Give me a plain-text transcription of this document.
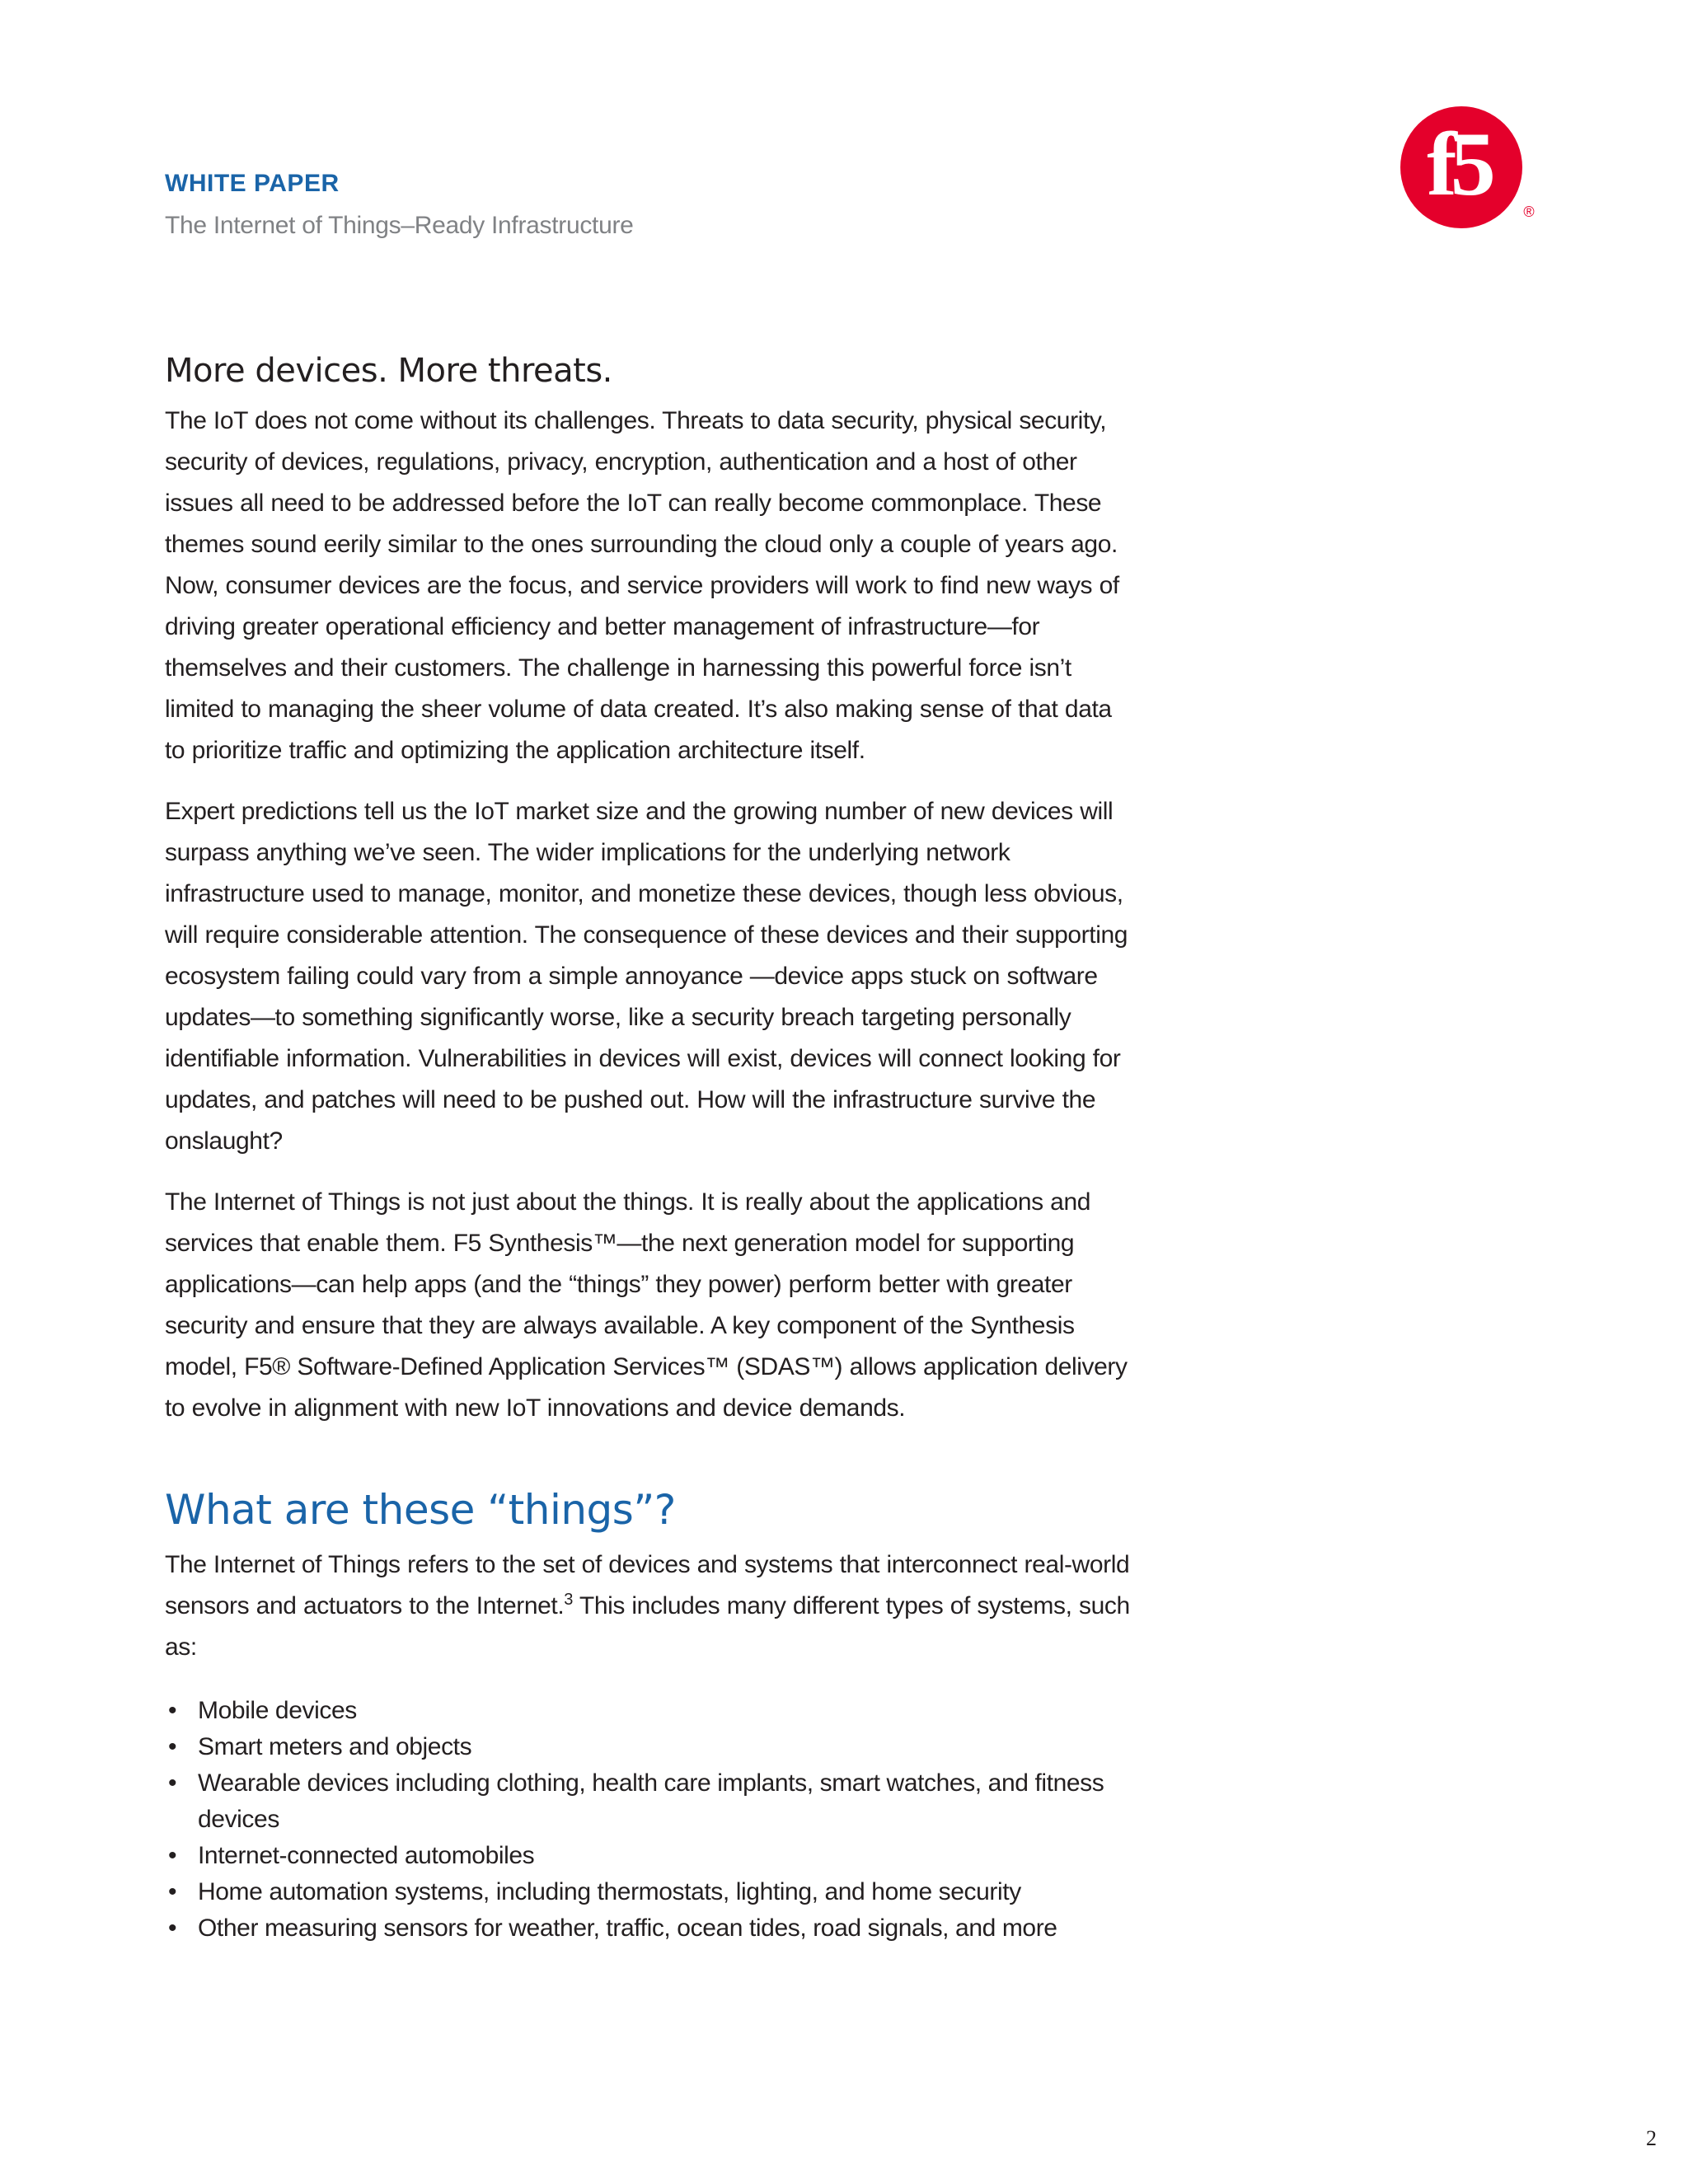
WHITE PAPER
The Internet of Things–Ready Infrastructure
f5 ®
More devices. More threats.

The IoT does not come without its challenges. Threats to data security, physical security, security of devices, regulations, privacy, encryption, authentication and a host of other issues all need to be addressed before the IoT can really become commonplace. These themes sound eerily similar to the ones surrounding the cloud only a couple of years ago. Now, consumer devices are the focus, and service providers will work to find new ways of driving greater operational efficiency and better management of infrastructure—for themselves and their customers. The challenge in harnessing this powerful force isn’t limited to managing the sheer volume of data created. It’s also making sense of that data to prioritize traffic and optimizing the application architecture itself.

Expert predictions tell us the IoT market size and the growing number of new devices will surpass anything we’ve seen. The wider implications for the underlying network infrastructure used to manage, monitor, and monetize these devices, though less obvious, will require considerable attention. The consequence of these devices and their supporting ecosystem failing could vary from a simple annoyance —device apps stuck on software updates—to something significantly worse, like a security breach targeting personally identifiable information. Vulnerabilities in devices will exist, devices will connect looking for updates, and patches will need to be pushed out. How will the infrastructure survive the onslaught?

The Internet of Things is not just about the things. It is really about the applications and services that enable them. F5 Synthesis™—the next generation model for supporting applications—can help apps (and the “things” they power) perform better with greater security and ensure that they are always available. A key component of the Synthesis model, F5® Software-Defined Application Services™ (SDAS™) allows application delivery to evolve in alignment with new IoT innovations and device demands.

What are these “things”?

The Internet of Things refers to the set of devices and systems that interconnect real-world sensors and actuators to the Internet.$^3$ This includes many different types of systems, such as:

• Mobile devices
• Smart meters and objects
• Wearable devices including clothing, health care implants, smart watches, and fitness devices
• Internet-connected automobiles
• Home automation systems, including thermostats, lighting, and home security
• Other measuring sensors for weather, traffic, ocean tides, road signals, and more
2
